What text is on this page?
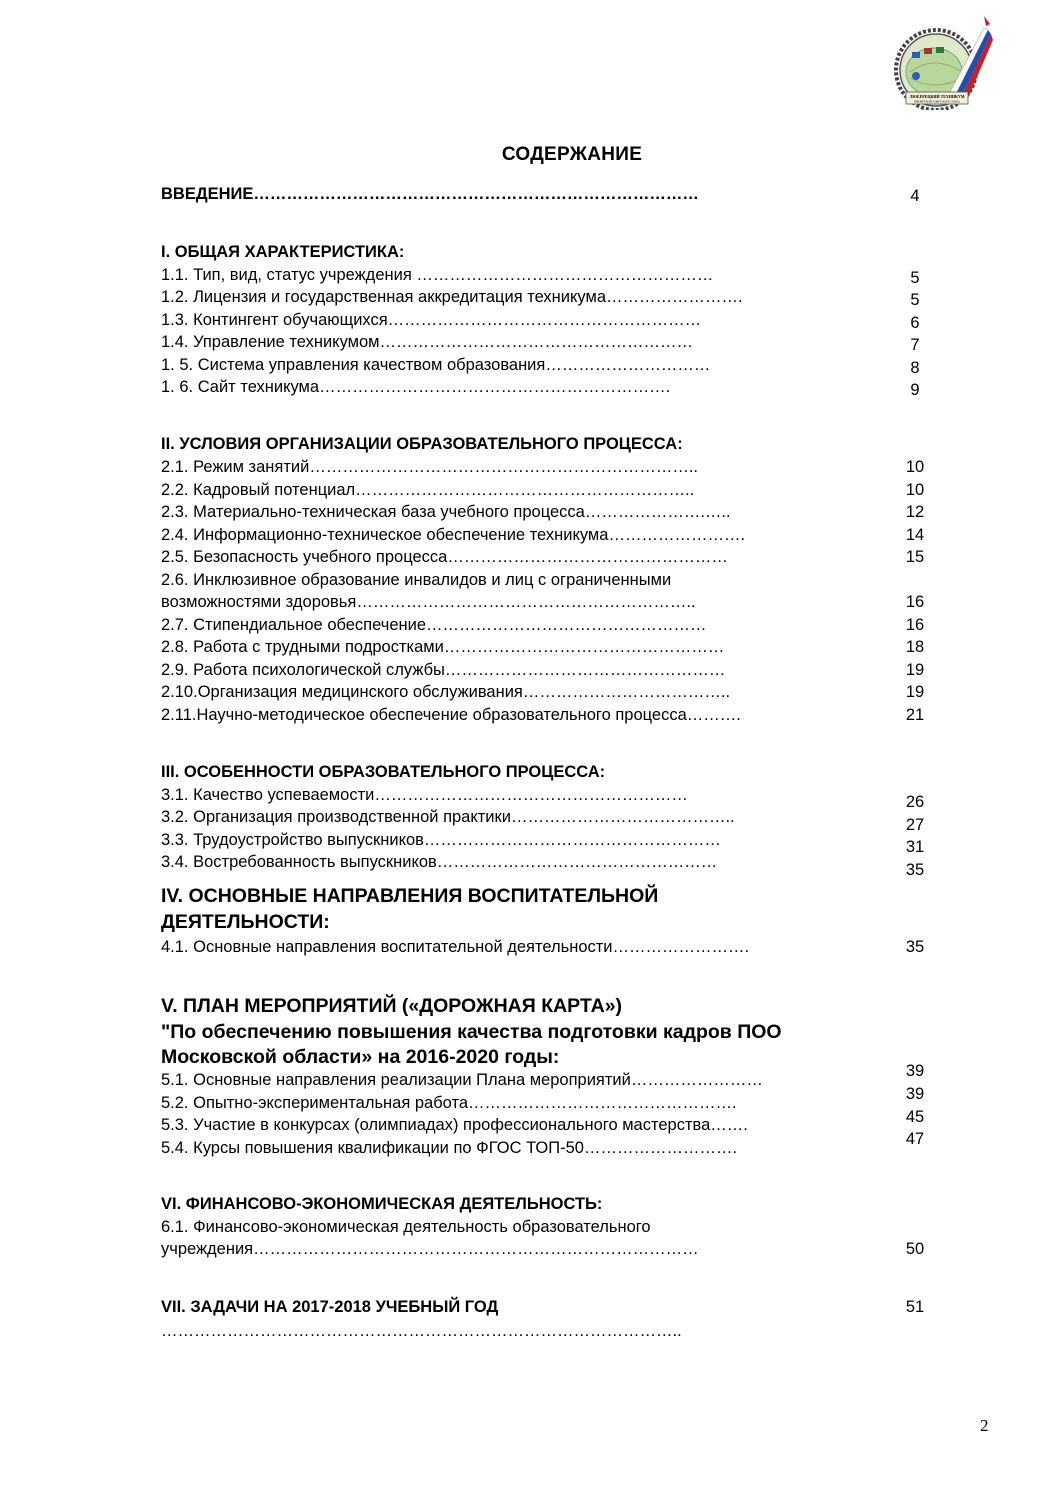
ЛЮБЕРЕЦКИЙ ТЕХНИКУМ
ИМЕНИ ГЕРОЯ СОВЕТСКОГО СОЮЗА
СОДЕРЖАНИЕ
ВВЕДЕНИЕ………………………………………………………………………
I. ОБЩАЯ ХАРАКТЕРИСТИКА:
1.1. Тип, вид, статус учреждения ………………………………………………
1.2. Лицензия и государственная аккредитация техникума…………………….
1.3. Контингент обучающихся…………………………………………………
1.4. Управление техникумом…………………………………………………
1. 5. Система управления качеством образования…………………………
1. 6. Сайт техникума……………………………………………………….
II. УСЛОВИЯ ОРГАНИЗАЦИИ ОБРАЗОВАТЕЛЬНОГО ПРОЦЕССА:
2.1. Режим занятий……………………………………………………………..
2.2. Кадровый потенциал……………………………………………………..
2.3. Материально-техническая база учебного процесса………………….…..
2.4. Информационно-техническое обеспечение техникума…………………….
2.5. Безопасность учебного процесса……………………………………………
2.6. Инклюзивное образование инвалидов и лиц с ограниченными
возможностями здоровья……………………………………………………..
2.7. Стипендиальное обеспечение……………………………………………
2.8. Работа с трудными подростками……………………………………………
2.9. Работа психологической службы……………………………………………
2.10.Организация медицинского обслуживания………………………………..
2.11.Научно-методическое обеспечение образовательного процесса……….
III. ОСОБЕННОСТИ ОБРАЗОВАТЕЛЬНОГО ПРОЦЕССА:
3.1. Качество успеваемости…………………………………………………
3.2. Организация производственной практики…………………………………..
3.3. Трудоустройство выпускников………………………………………………
3.4. Востребованность выпускников……………………………………………
IV. ОСНОВНЫЕ НАПРАВЛЕНИЯ ВОСПИТАТЕЛЬНОЙ
ДЕЯТЕЛЬНОСТИ:
4.1. Основные направления воспитательной деятельности…………………….
V. ПЛАН МЕРОПРИЯТИЙ («ДОРОЖНАЯ КАРТА»)
"По обеспечению повышения качества подготовки кадров ПОО
Московской области» на 2016-2020 годы:
5.1. Основные направления реализации Плана мероприятий……………………
5.2. Опытно-экспериментальная работа………………………………………….
5.3. Участие в конкурсах (олимпиадах) профессионального мастерства…….
5.4. Курсы повышения квалификации по ФГОС ТОП-50……………………….
VI. ФИНАНСОВО-ЭКОНОМИЧЕСКАЯ ДЕЯТЕЛЬНОСТЬ:
6.1. Финансово-экономическая деятельность образовательного
учреждения………………………………………………………………………
VII. ЗАДАЧИ НА 2017-2018 УЧЕБНЫЙ ГОД
…………………………………………………………………………………..
4
5
5
6
7
8
9
10
10
12
14
15
16
16
18
19
19
21
26
27
31
35
35
39
39
45
47
50
51
2
